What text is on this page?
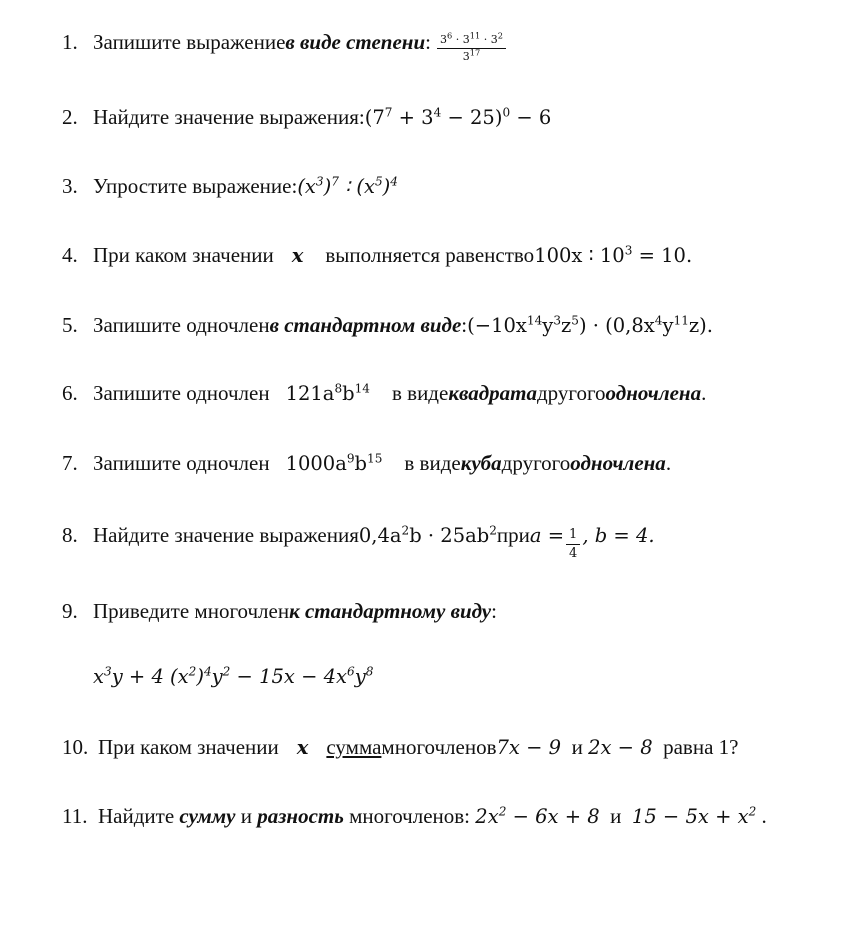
1. Запишите выражение в виде степени : $\frac{3^6 \cdot 3^{11} \cdot 3^2}{3^{17}}$
2. Найдите значение выражения: $(7^7 + 3^4 - 25)^0 - 6$
3. Упростите выражение: $(x^3)^7$ ∶ $(x^5)^4$
4. При каком значении x выполняется равенство 100x ∶ $10^3 = 10$.
5. Запишите одночлен в стандартном виде : $(-10x^{14}y^3z^5) \cdot (0,8x^4y^{11}z)$.
6. Запишите одночлен $121a^8b^{14}$ в виде квадрата другого одночлена .
7. Запишите одночлен $1000a^9b^{15}$ в виде куба другого одночлена .
8. Найдите значение выражения $0,4a^2b \cdot 25ab^2$ при $a = \frac{1}{4}$ , b = 4.
9. Приведите многочлен к стандартному виду :
$x^3y + 4$ $(x^2)^4y^2 - 15x - 4x^6y^8$
10. При каком значении x сумма многочленов 7x − 9 и 2x − 8 равна 1?
11. Найдите сумму и разность многочленов: $2x^2 - 6x + 8$ и $15 - 5x + x^2$ .
